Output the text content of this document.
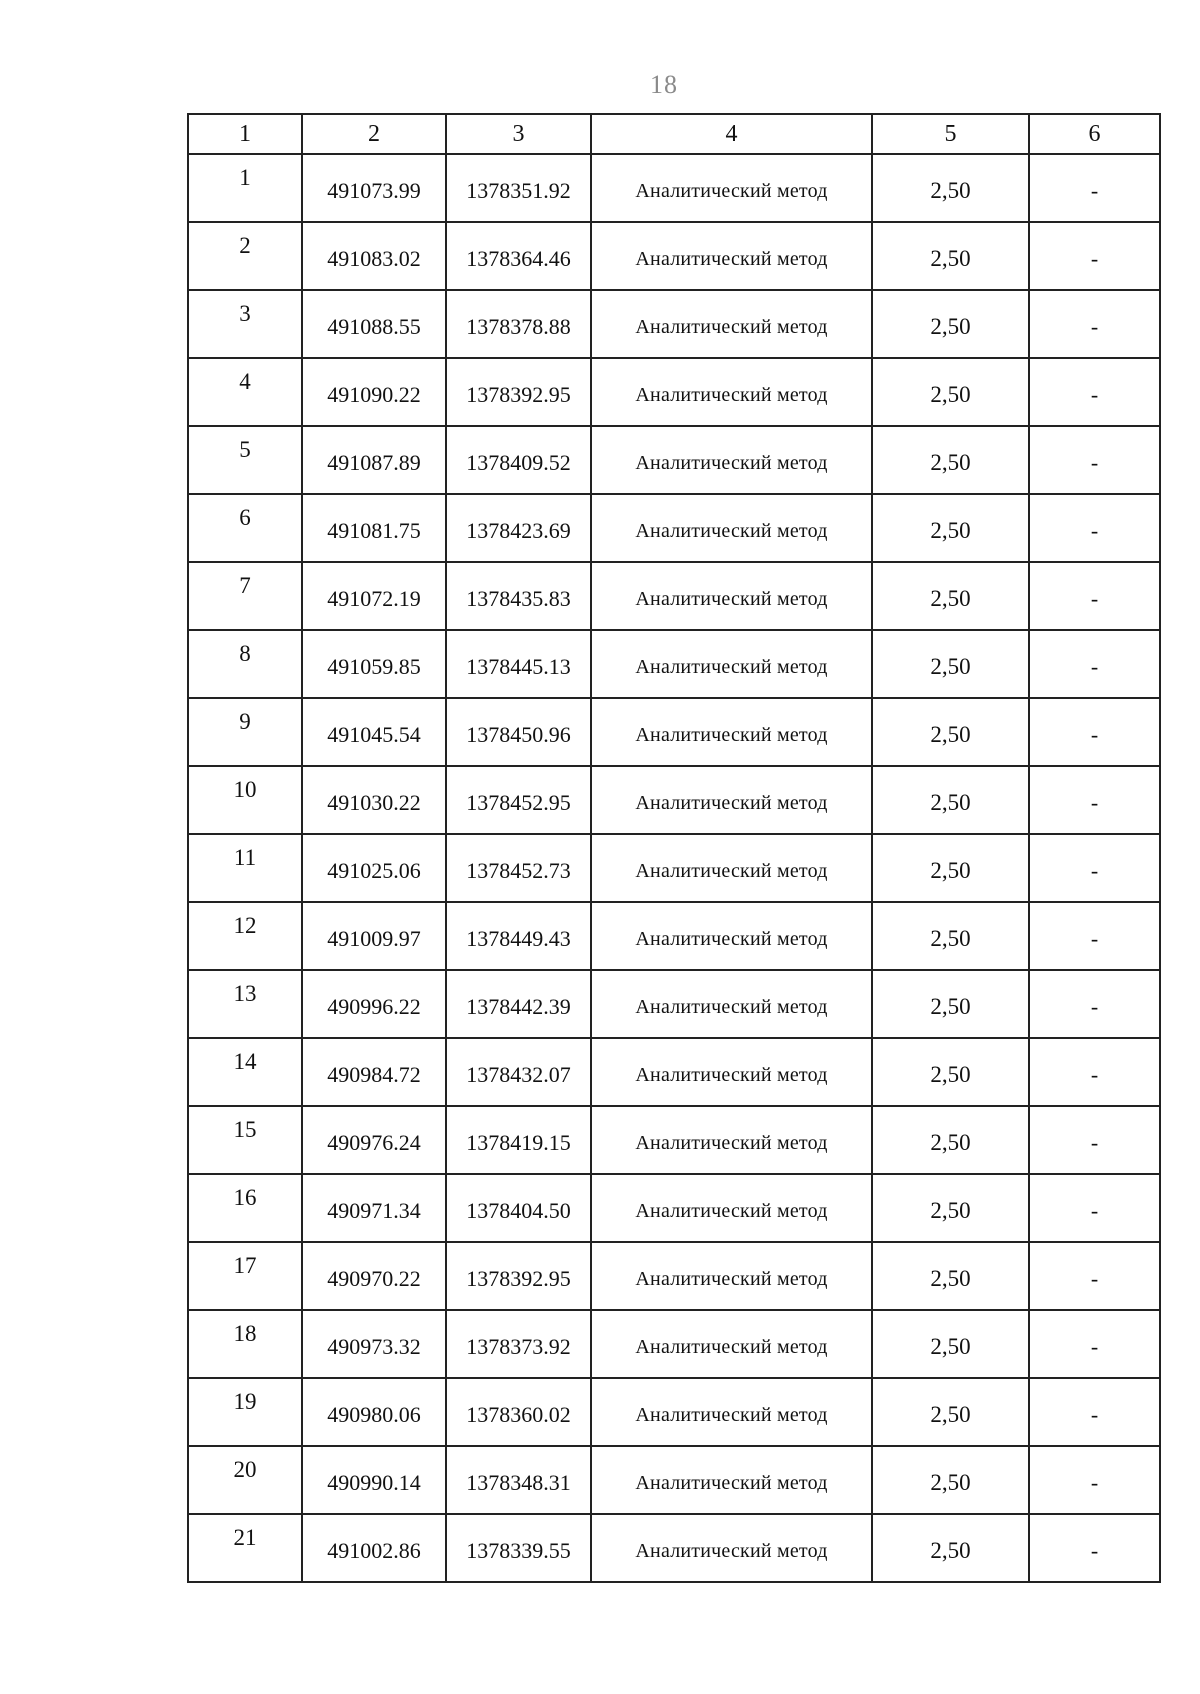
18
1	2	3	4	5	6
1	491073.99	1378351.92	Аналитический метод	2,50	-
2	491083.02	1378364.46	Аналитический метод	2,50	-
3	491088.55	1378378.88	Аналитический метод	2,50	-
4	491090.22	1378392.95	Аналитический метод	2,50	-
5	491087.89	1378409.52	Аналитический метод	2,50	-
6	491081.75	1378423.69	Аналитический метод	2,50	-
7	491072.19	1378435.83	Аналитический метод	2,50	-
8	491059.85	1378445.13	Аналитический метод	2,50	-
9	491045.54	1378450.96	Аналитический метод	2,50	-
10	491030.22	1378452.95	Аналитический метод	2,50	-
11	491025.06	1378452.73	Аналитический метод	2,50	-
12	491009.97	1378449.43	Аналитический метод	2,50	-
13	490996.22	1378442.39	Аналитический метод	2,50	-
14	490984.72	1378432.07	Аналитический метод	2,50	-
15	490976.24	1378419.15	Аналитический метод	2,50	-
16	490971.34	1378404.50	Аналитический метод	2,50	-
17	490970.22	1378392.95	Аналитический метод	2,50	-
18	490973.32	1378373.92	Аналитический метод	2,50	-
19	490980.06	1378360.02	Аналитический метод	2,50	-
20	490990.14	1378348.31	Аналитический метод	2,50	-
21	491002.86	1378339.55	Аналитический метод	2,50	-
